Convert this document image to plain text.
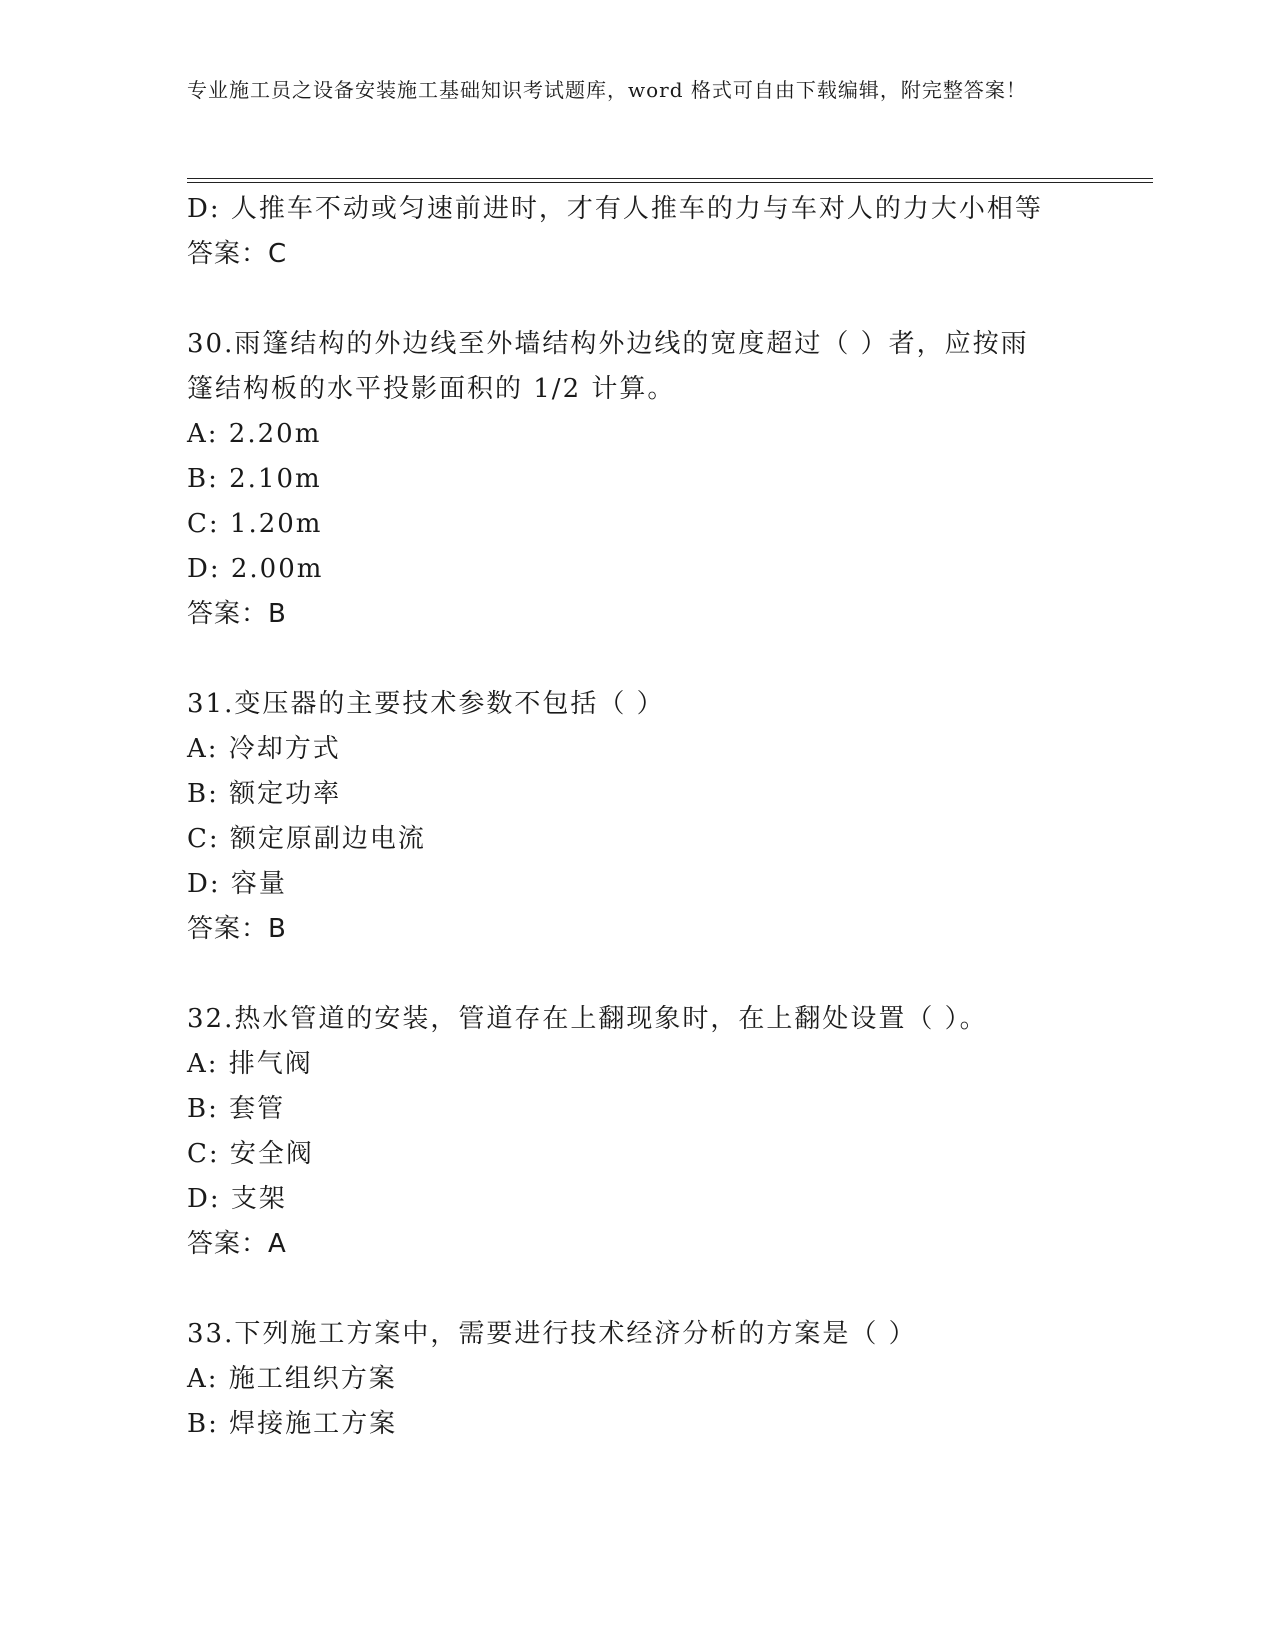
专业施工员之设备安装施工基础知识考试题库，word 格式可自由下载编辑，附完整答案！

D: 人推车不动或匀速前进时，才有人推车的力与车对人的力大小相等

答案：C

30.雨篷结构的外边线至外墙结构外边线的宽度超过（ ）者，应按雨

篷结构板的水平投影面积的 1/2 计算。

A: 2.20m

B: 2.10m

C: 1.20m

D: 2.00m

答案：B

31.变压器的主要技术参数不包括（ ）

A: 冷却方式

B: 额定功率

C: 额定原副边电流

D: 容量

答案：B

32.热水管道的安装，管道存在上翻现象时，在上翻处设置（ ）。

A: 排气阀

B: 套管

C: 安全阀

D: 支架

答案：A

33.下列施工方案中，需要进行技术经济分析的方案是（ ）

A: 施工组织方案

B: 焊接施工方案
